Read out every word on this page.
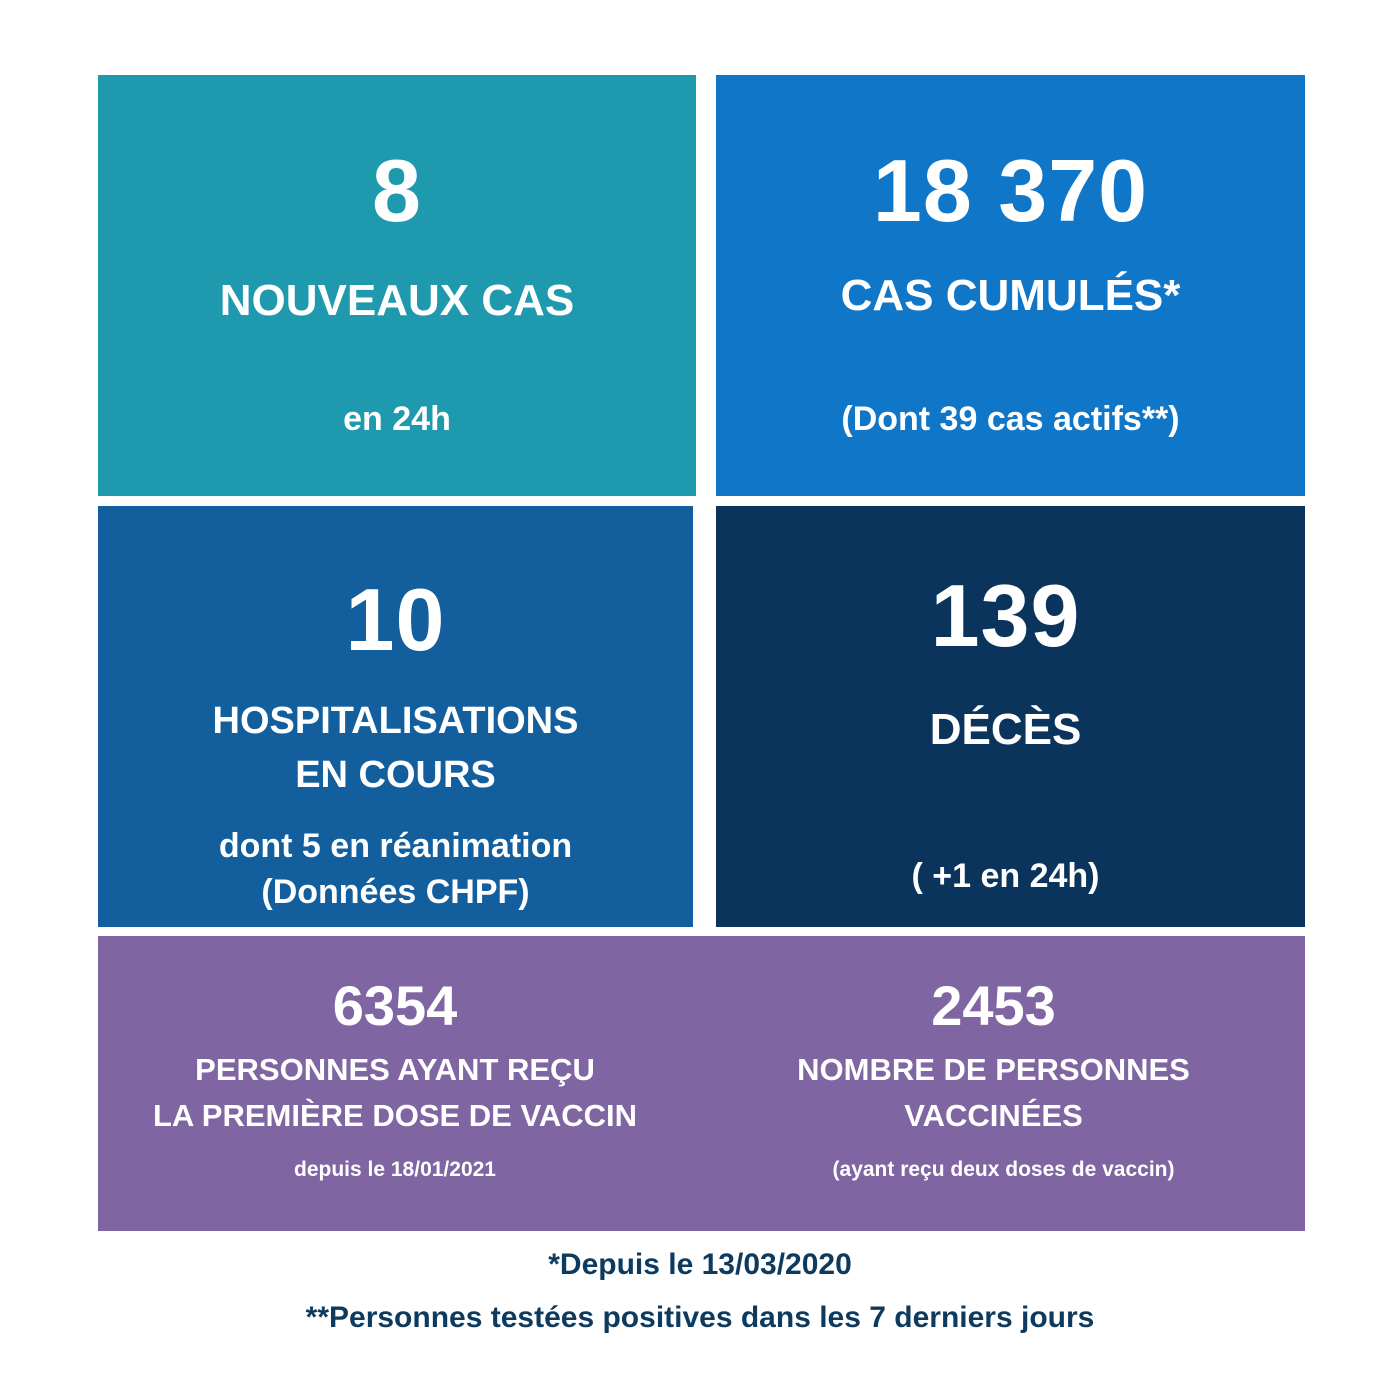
8
NOUVEAUX CAS
en 24h
18 370
CAS CUMULÉS*
(Dont 39 cas actifs**)
10
HOSPITALISATIONS
EN COURS
dont 5 en réanimation
(Données CHPF)
139
DÉCÈS
( +1 en 24h)
6354
PERSONNES AYANT REÇU
LA PREMIÈRE DOSE DE VACCIN
depuis le 18/01/2021
2453
NOMBRE DE PERSONNES
VACCINÉES
(ayant reçu deux doses de vaccin)
*Depuis le 13/03/2020
**Personnes testées positives dans les 7 derniers jours
